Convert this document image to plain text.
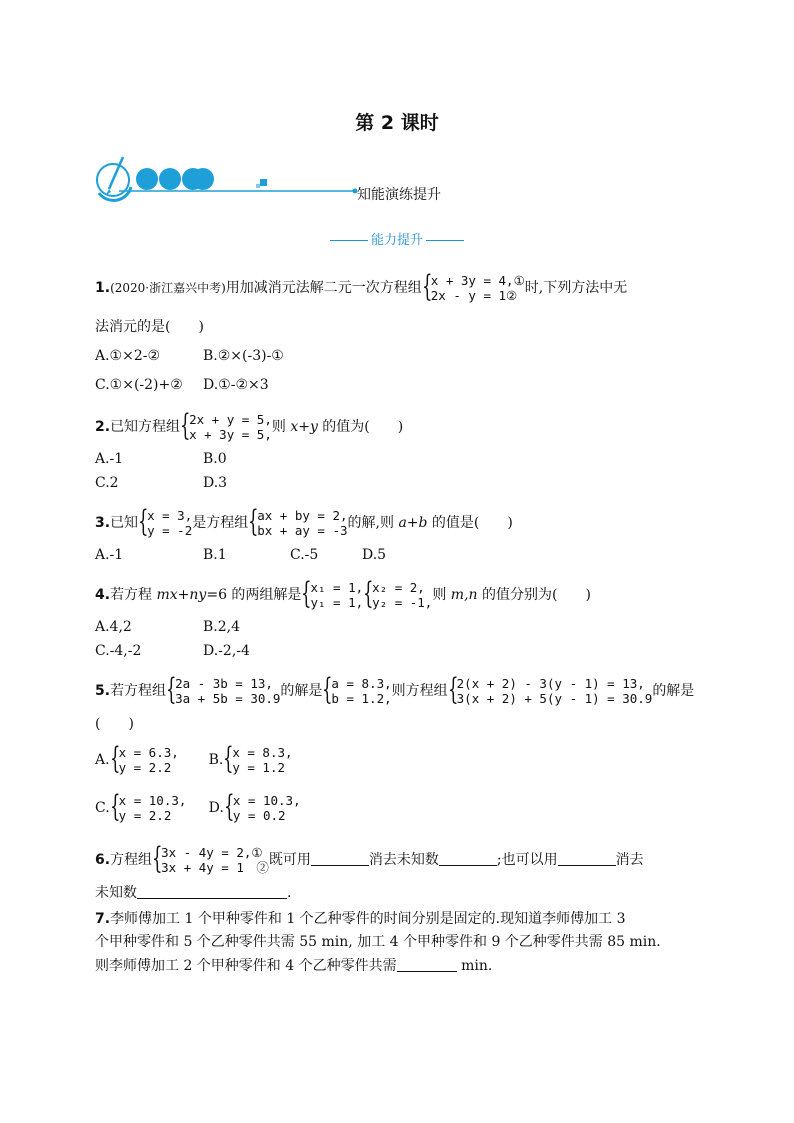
第 2 课时
知能演练提升
能力提升
1.(2020·浙江嘉兴中考)用加减消元法解二元一次方程组 {
x + 3y = 4,①
2x - y = 1② 时,下列方法中无
法消元的是(　　)
A.①×2-②	B.②×(-3)-①
C.①×(-2)+② D.①-②×3
2.已知方程组 {
2x + y = 5,
x + 3y = 5, 则 x+y 的值为(　　)
A.-1	B.0
C.2	D.3
3.已知 {
x = 3,
y = -2 是方程组 {
ax + by = 2,
bx + ay = -3 的解,则 a+b 的值是(　　)
A.-1	B.1	C.-5	D.5
4.若方程 mx+ny=6 的两组解是 {
x₁ = 1,
y₁ = 1, {
x₂ = 2,
y₂ = -1, 则 m,n 的值分别为(　　)
A.4,2	B.2,4
C.-4,-2	D.-2,-4
5.若方程组 {
2a - 3b = 13,
3a + 5b = 30.9 的解是 {
a = 8.3,
b = 1.2, 则方程组 {
2(x + 2) - 3(y - 1) = 13,
3(x + 2) + 5(y - 1) = 30.9 的解是
(　　)
A. {
x = 6.3,
y = 2.2	B. {
x = 8.3,
y = 1.2
C. {
x = 10.3,
y = 2.2	D. {
x = 10.3,
y = 0.2
6.方程组 {
3x - 4y = 2,①
3x + 4y = 1　② 既可用	消去未知数	;也可以用	消去
未知数	.
7.李师傅加工 1 个甲种零件和 1 个乙种零件的时间分别是固定的.现知道李师傅加工 3
个甲种零件和 5 个乙种零件共需 55 min, 加工 4 个甲种零件和 9 个乙种零件共需 85 min.
则李师傅加工 2 个甲种零件和 4 个乙种零件共需	min.
